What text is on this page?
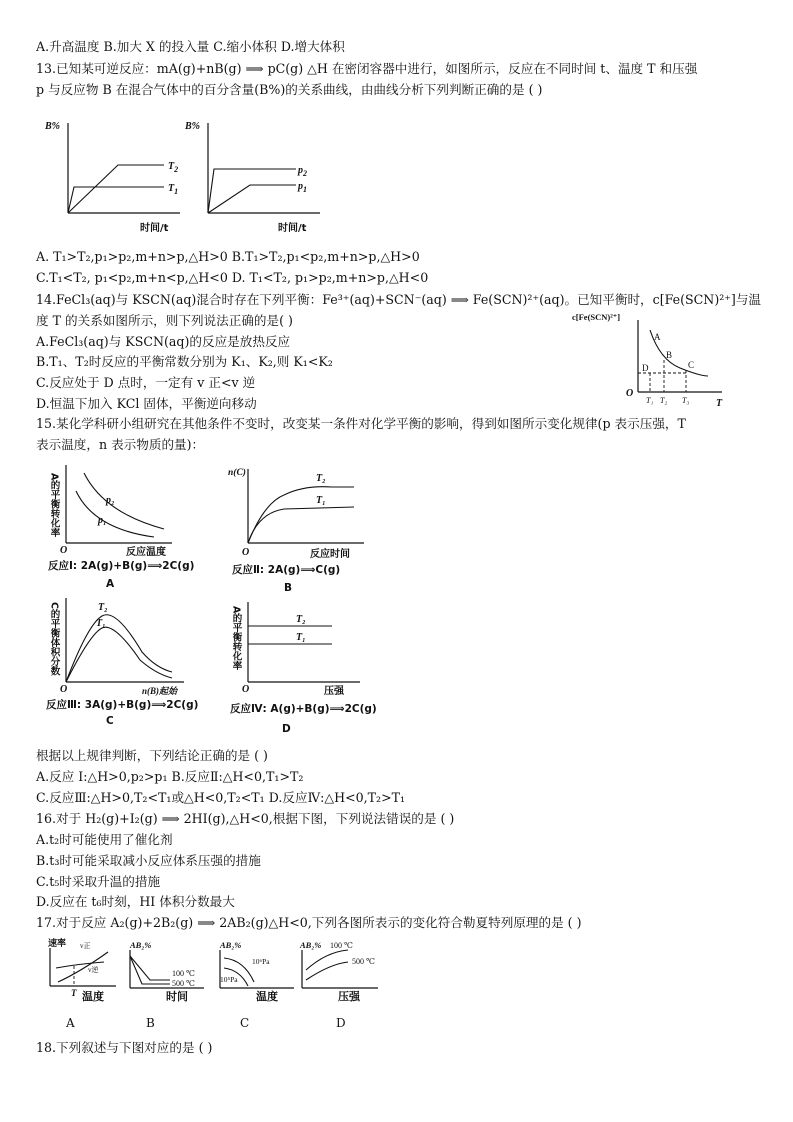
A.升高温度 B.加大 X 的投入量 C.缩小体积 D.增大体积
13.已知某可逆反应：mA(g)+nB(g) ⟹ pC(g) △H 在密闭容器中进行，如图所示，反应在不同时间 t、温度 T 和压强
p 与反应物 B 在混合气体中的百分含量(B%)的关系曲线，由曲线分析下列判断正确的是 ( )
B%
$T_2$
$T_1$
时间/t
B%
$p_2$
$p_1$
时间/t
A. T₁>T₂,p₁>p₂,m+n>p,△H>0 B.T₁>T₂,p₁<p₂,m+n>p,△H>0
C.T₁<T₂, p₁<p₂,m+n<p,△H<0 D. T₁<T₂, p₁>p₂,m+n>p,△H<0
14.FeCl₃(aq)与 KSCN(aq)混合时存在下列平衡：Fe³⁺(aq)+SCN⁻(aq) ⟹ Fe(SCN)²⁺(aq)。已知平衡时，c[Fe(SCN)²⁺]与温
度 T 的关系如图所示，则下列说法正确的是( )
A.FeCl₃(aq)与 KSCN(aq)的反应是放热反应
B.T₁、T₂时反应的平衡常数分别为 K₁、K₂,则 K₁<K₂
C.反应处于 D 点时，一定有 v 正<v 逆
D.恒温下加入 KCl 固体，平衡逆向移动
c[Fe(SCN)²⁺]
O
T
A
B
C
D
T₁ T₂ T₃
15.某化学科研小组研究在其他条件不变时，改变某一条件对化学平衡的影响，得到如图所示变化规律(p 表示压强，T
表示温度，n 表示物质的量)：
A的平衡转化率
O
p₂
p₁
反应温度
反应Ⅰ: 2A(g)+B(g)⟹2C(g)
A
n(C)
O
T₂
T₁
反应时间
反应Ⅱ: 2A(g)⟹C(g)
B
C的平衡体积分数
O
T₂
T₁
n(B)起始
反应Ⅲ: 3A(g)+B(g)⟹2C(g)
C
A的平衡转化率
O
T₂
T₁
压强
反应Ⅳ: A(g)+B(g)⟹2C(g)
D
根据以上规律判断，下列结论正确的是 ( )
A.反应 Ⅰ:△H>0,p₂>p₁ B.反应Ⅱ:△H<0,T₁>T₂
C.反应Ⅲ:△H>0,T₂<T₁或△H<0,T₂<T₁ D.反应Ⅳ:△H<0,T₂>T₁
16.对于 H₂(g)+I₂(g) ⟹ 2HI(g),△H<0,根据下图，下列说法错误的是 ( )
A.t₂时可能使用了催化剂
B.t₃时可能采取减小反应体系压强的措施
C.t₅时采取升温的措施
D.反应在 t₆时刻，HI 体积分数最大
17.对于反应 A₂(g)+2B₂(g) ⟹ 2AB₂(g)△H<0,下列各图所表示的变化符合勒夏特列原理的是 ( )
速率 v正
v逆
T 温度
AB₂%
100 ℃
500 ℃
时间
AB₂%
10⁶Pa
10⁵Pa
温度
AB₂% 100 ℃
500 ℃
压强
A	B	C	D
18.下列叙述与下图对应的是 ( )
